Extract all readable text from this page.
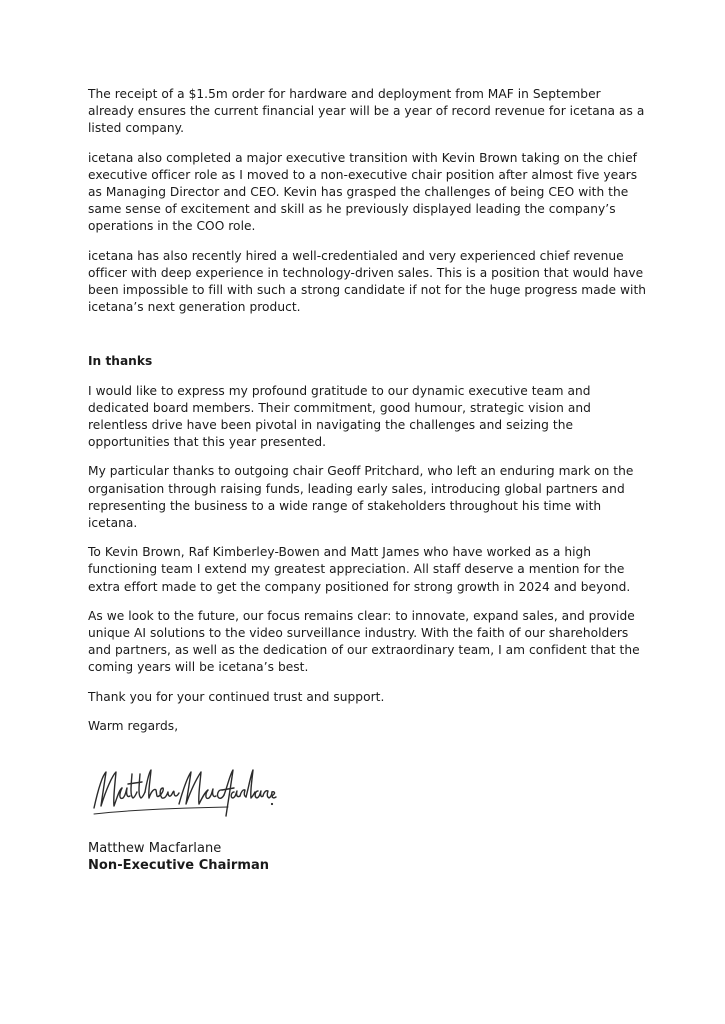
The receipt of a $1.5m order for hardware and deployment from MAF in September already ensures the current financial year will be a year of record revenue for icetana as a listed company.

icetana also completed a major executive transition with Kevin Brown taking on the chief executive officer role as I moved to a non-executive chair position after almost five years as Managing Director and CEO. Kevin has grasped the challenges of being CEO with the same sense of excitement and skill as he previously displayed leading the company’s operations in the COO role.

icetana has also recently hired a well-credentialed and very experienced chief revenue officer with deep experience in technology-driven sales. This is a position that would have been impossible to fill with such a strong candidate if not for the huge progress made with icetana’s next generation product.

In thanks

I would like to express my profound gratitude to our dynamic executive team and dedicated board members. Their commitment, good humour, strategic vision and relentless drive have been pivotal in navigating the challenges and seizing the opportunities that this year presented.

My particular thanks to outgoing chair Geoff Pritchard, who left an enduring mark on the organisation through raising funds, leading early sales, introducing global partners and representing the business to a wide range of stakeholders throughout his time with icetana.

To Kevin Brown, Raf Kimberley-Bowen and Matt James who have worked as a high functioning team I extend my greatest appreciation. All staff deserve a mention for the extra effort made to get the company positioned for strong growth in 2024 and beyond.

As we look to the future, our focus remains clear: to innovate, expand sales, and provide unique AI solutions to the video surveillance industry. With the faith of our shareholders and partners, as well as the dedication of our extraordinary team, I am confident that the coming years will be icetana’s best.

Thank you for your continued trust and support.

Warm regards,

Matthew Macfarlane

Non-Executive Chairman
